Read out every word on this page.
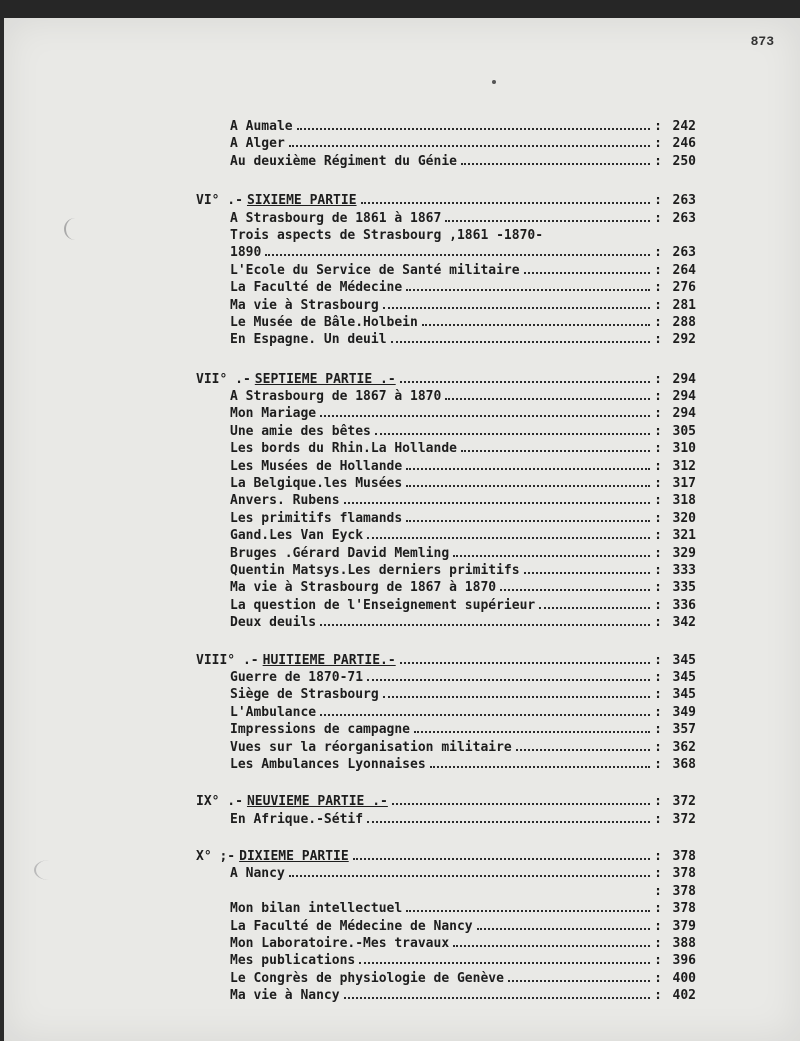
873
A Aumale	: 242
A Alger	: 246
Au deuxième Régiment du Génie	: 250
VI° .- SIXIEME PARTIE	: 263
A Strasbourg de 1861 à 1867	: 263
Trois aspects de Strasbourg ,1861 -1870-
1890	: 263
L'Ecole du Service de Santé militaire	: 264
La Faculté de Médecine	: 276
Ma vie à Strasbourg	: 281
Le Musée de Bâle.Holbein	: 288
En Espagne. Un deuil	: 292
VII° .- SEPTIEME PARTIE .-	: 294
A Strasbourg de 1867 à 1870	: 294
Mon Mariage	: 294
Une amie des bêtes	: 305
Les bords du Rhin.La Hollande	: 310
Les Musées de Hollande	: 312
La Belgique.les Musées	: 317
Anvers. Rubens	: 318
Les primitifs flamands	: 320
Gand.Les Van Eyck	: 321
Bruges .Gérard David Memling	: 329
Quentin Matsys.Les derniers primitifs	: 333
Ma vie à Strasbourg de 1867 à 1870	: 335
La question de l'Enseignement supérieur	: 336
Deux deuils	: 342
VIII° .- HUITIEME PARTIE.-	: 345
Guerre de 1870-71	: 345
Siège de Strasbourg	: 345
L'Ambulance	: 349
Impressions de campagne	: 357
Vues sur la réorganisation militaire	: 362
Les Ambulances Lyonnaises	: 368
IX° .- NEUVIEME PARTIE .-	: 372
En Afrique.-Sétif	: 372
X° ;- DIXIEME PARTIE	: 378
A Nancy	: 378
: 378
Mon bilan intellectuel	: 378
La Faculté de Médecine de Nancy	: 379
Mon Laboratoire.-Mes travaux	: 388
Mes publications	: 396
Le Congrès de physiologie de Genève	: 400
Ma vie à Nancy	: 402
